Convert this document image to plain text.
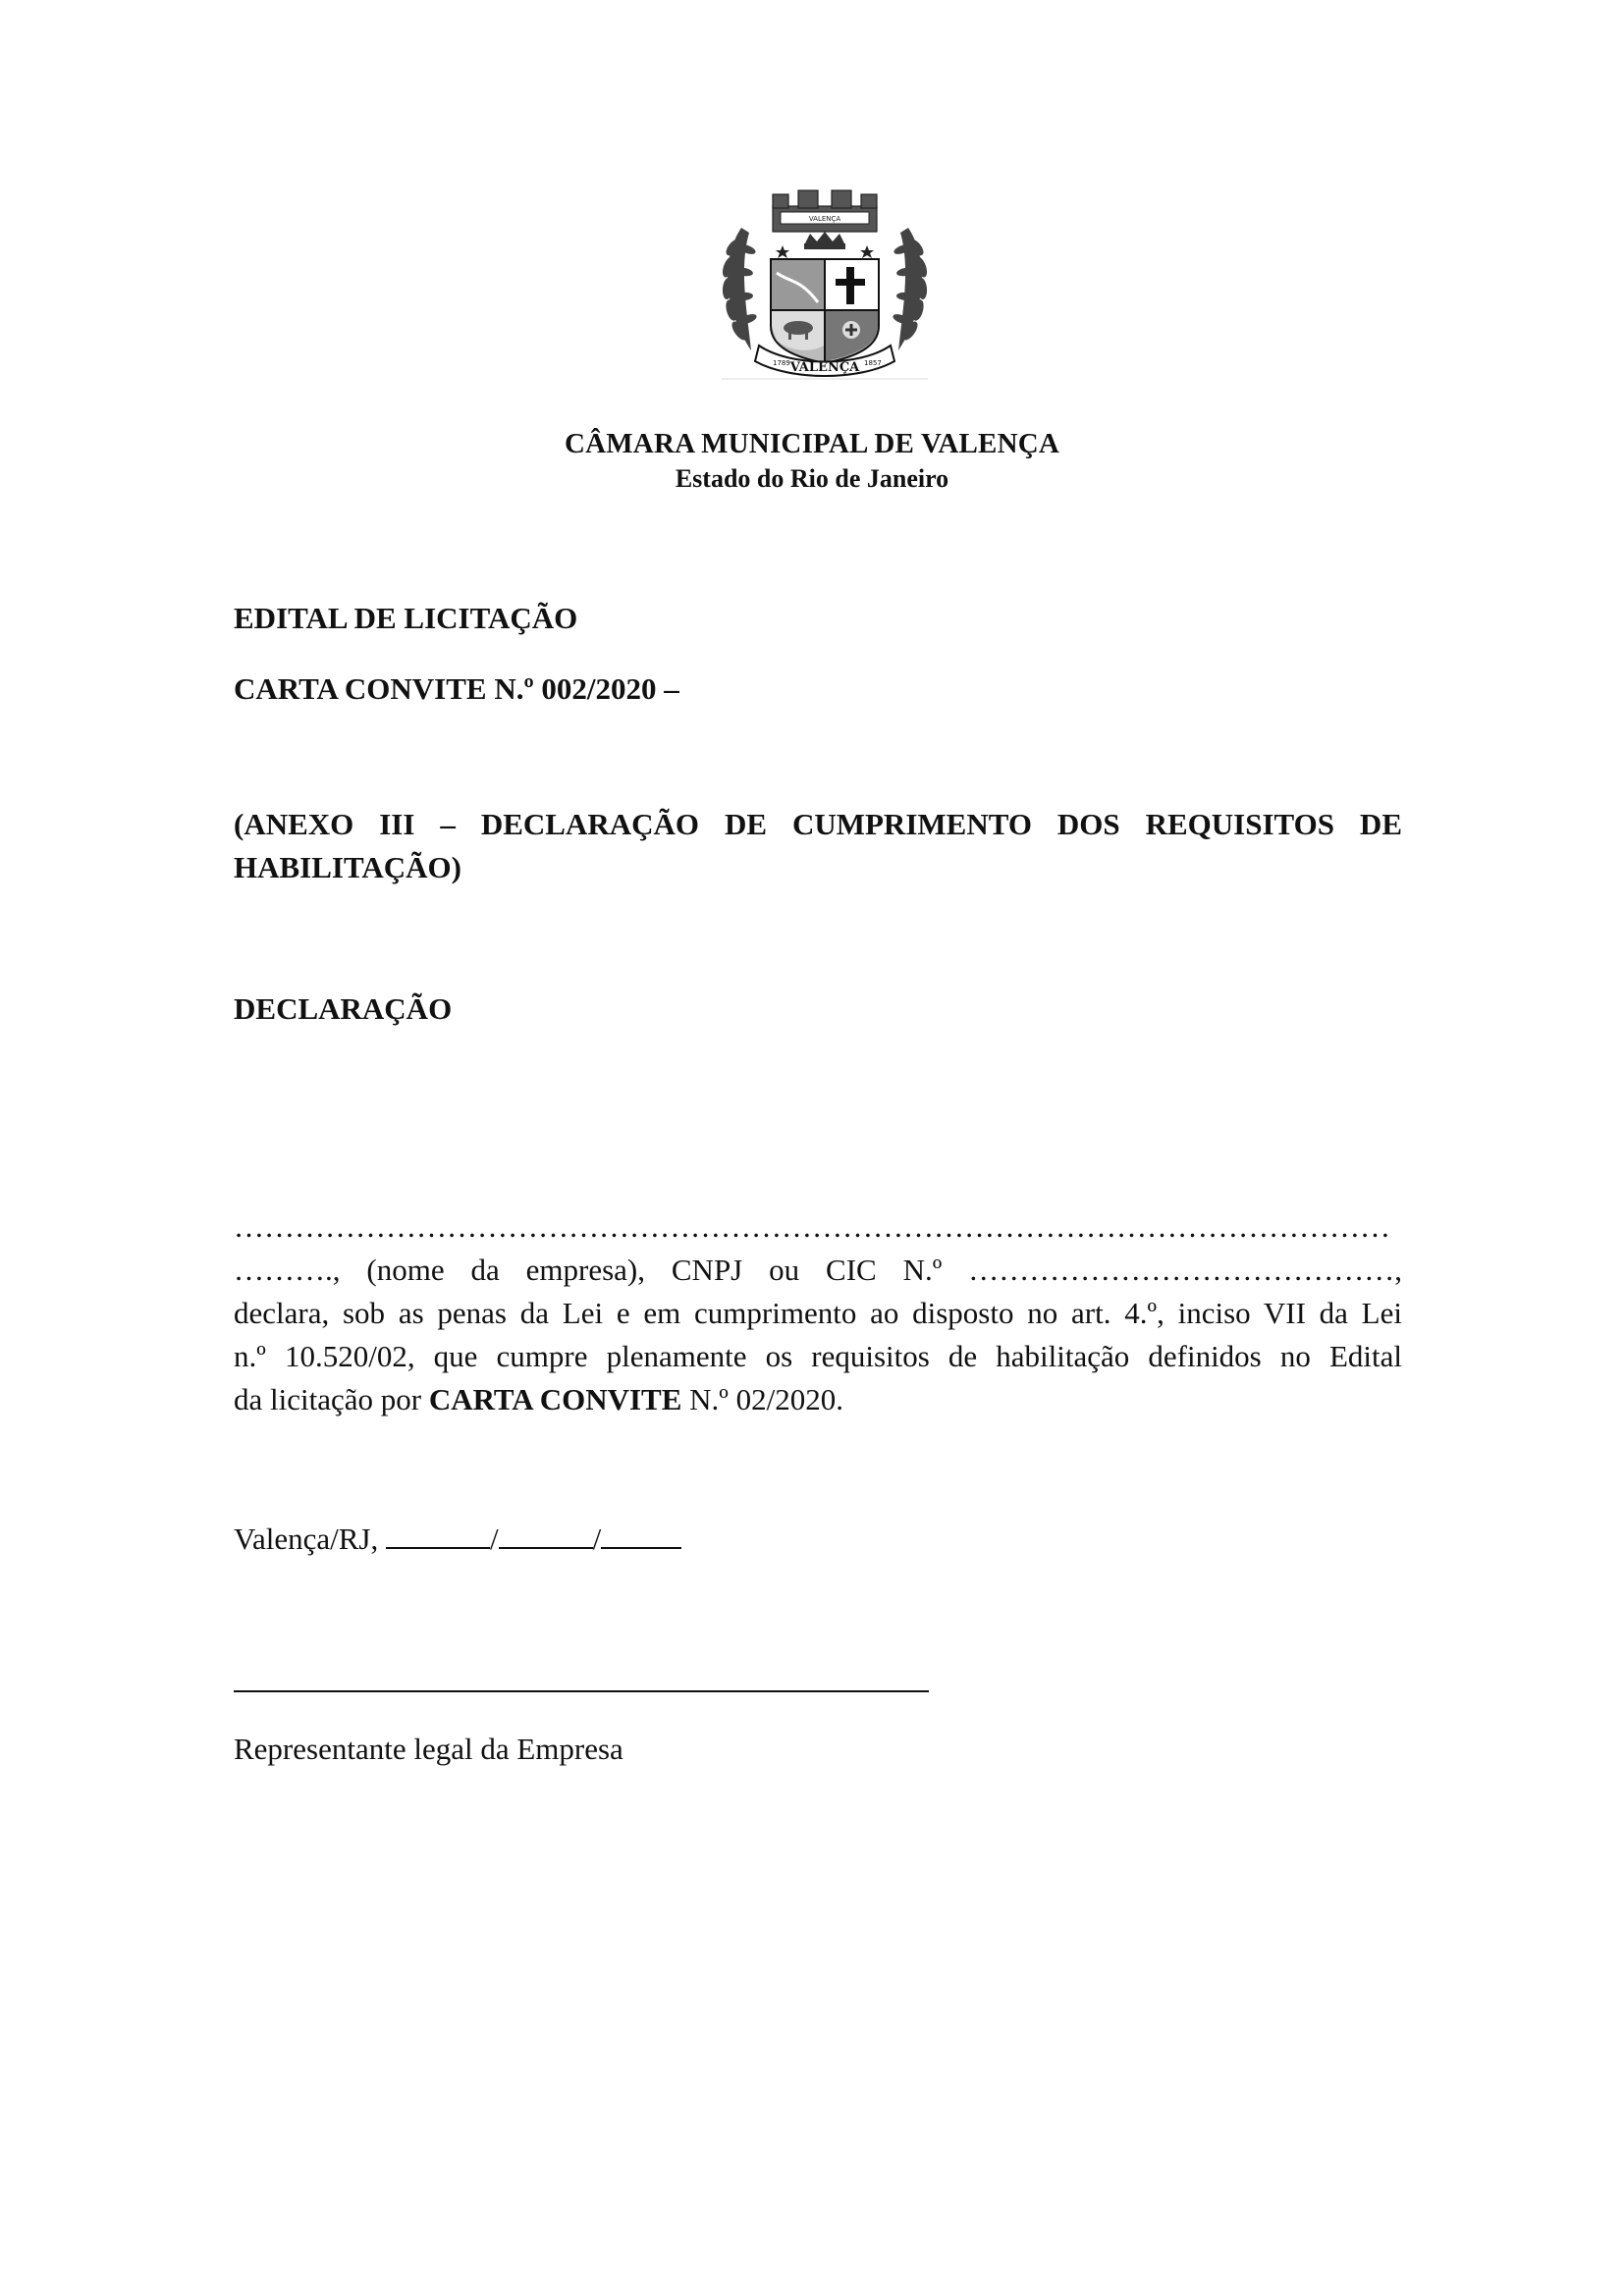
VALENÇA
VALENÇA
1789	1857
CÂMARA MUNICIPAL DE VALENÇA
Estado do Rio de Janeiro
EDITAL DE LICITAÇÃO
CARTA CONVITE N.º 002/2020 –
(ANEXO III – DECLARAÇÃO DE CUMPRIMENTO DOS REQUISITOS DE HABILITAÇÃO)
DECLARAÇÃO
……………………………………………………………………………………………………
………., (nome da empresa), CNPJ ou CIC N.º ……………………………………,
declara, sob as penas da Lei e em cumprimento ao disposto no art. 4.º, inciso VII da Lei
n.º 10.520/02, que cumpre plenamente os requisitos de habilitação definidos no Edital
da licitação por CARTA CONVITE N.º 02/2020.
Valença/RJ,	/	/
Representante legal da Empresa
